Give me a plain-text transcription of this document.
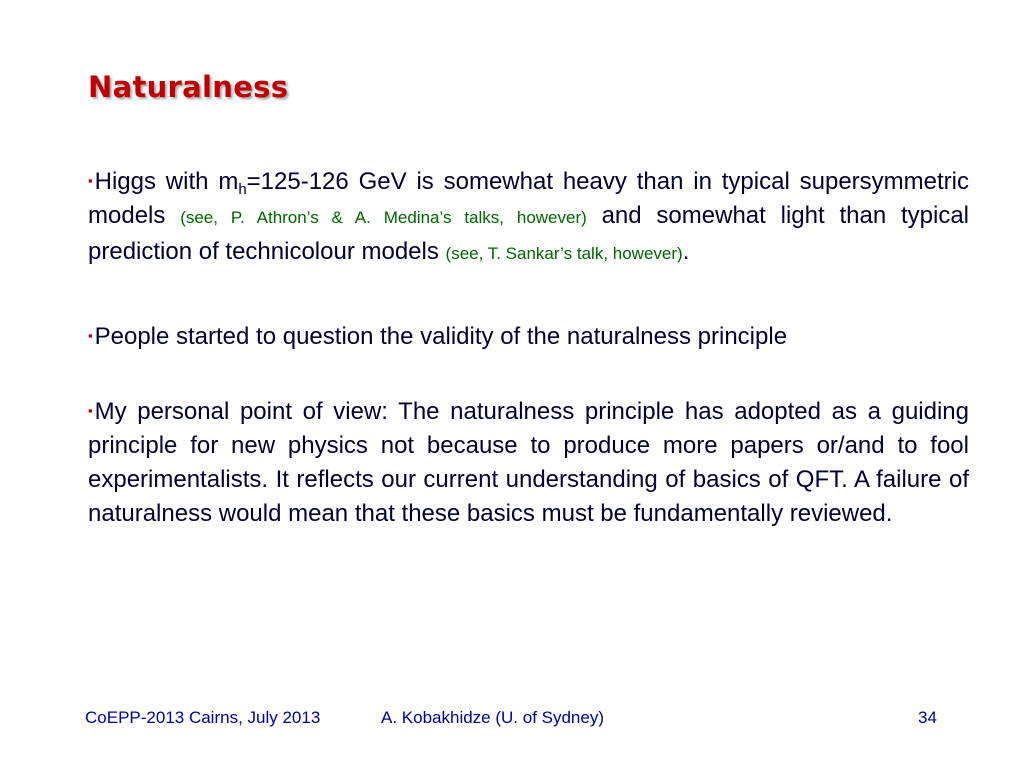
Naturalness

▪Higgs with $m_h=125-126$ GeV is somewhat heavy than in typical supersymmetric models (see, P. Athron’s & A. Medina’s talks, however) and somewhat light than typical prediction of technicolour models (see, T. Sankar’s talk, however).

▪People started to question the validity of the naturalness principle

▪My personal point of view: The naturalness principle has adopted as a guiding principle for new physics not because to produce more papers or/and to fool experimentalists. It reflects our current understanding of basics of QFT. A failure of naturalness would mean that these basics must be fundamentally reviewed.

CoEPP-2013 Cairns, July 2013	A. Kobakhidze (U. of Sydney)	34
